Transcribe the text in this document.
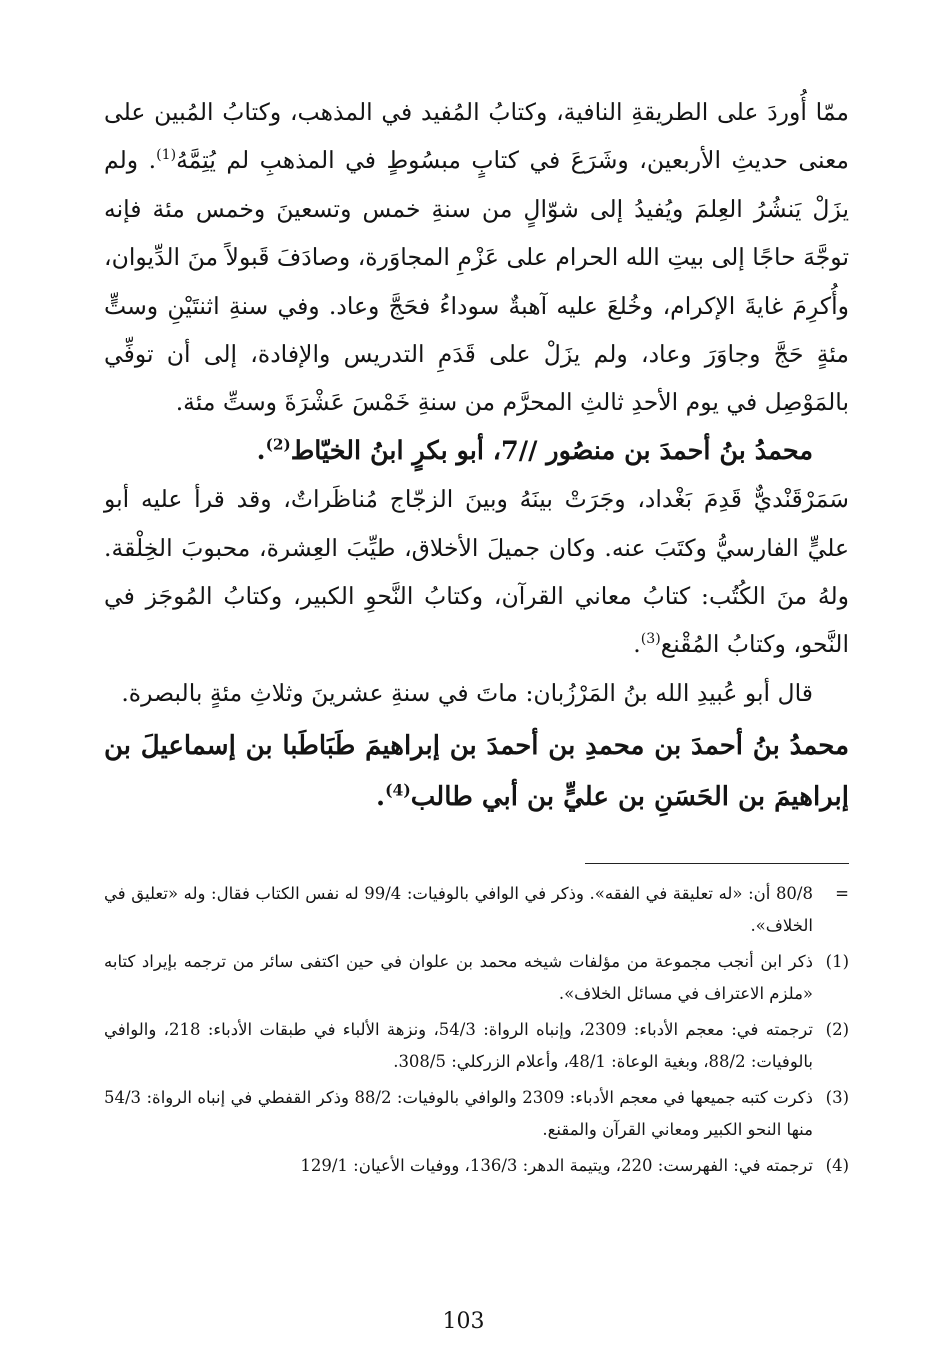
ممّا أُوردَ على الطريقةِ النافية، وكتابُ المُفيد في المذهب، وكتابُ المُبين على معنى حديثِ الأربعين، وشَرَعَ في كتابٍ مبسُوطٍ في المذهبِ لم يُتِمَّهُ$^{(1)}$. ولم يزَلْ يَنشُرُ العِلمَ ويُفيدُ إلى شوّالٍ من سنةِ خمس وتسعينَ وخمس مئة فإنه توجَّهَ حاجًا إلى بيتِ الله الحرام على عَزْمِ المجاوَرة، وصادَفَ قَبولاً منَ الدِّيوان، وأُكرِمَ غايةَ الإكرام، وخُلعَ عليه آهبةٌ سوداءُ فحَجَّ وعاد. وفي سنةِ اثنتَيْنِ وستٍّ مئةٍ حَجَّ وجاوَرَ وعاد، ولم يزَلْ على قَدَمِ التدريس والإفادة، إلى أن توفِّي بالمَوْصِل في يوم الأحدِ ثالثِ المحرَّم من سنةِ خَمْسَ عَشْرَةَ وستِّ مئة.

محمدُ بنُ أحمدَ بن منصُور //7، أبو بكرٍ ابنُ الخيّاط$^{(2)}$.

سَمَرْقَنْديٌّ قَدِمَ بَغْداد، وجَرَتْ بينَهُ وبينَ الزجّاج مُناظَراتٌ، وقد قرأ عليه أبو عليٍّ الفارسيُّ وكتَبَ عنه. وكان جميلَ الأخلاق، طيِّبَ العِشرة، محبوبَ الخِلْقة. ولهُ منَ الكُتُب: كتابُ معاني القرآن، وكتابُ النَّحوِ الكبير، وكتابُ المُوجَز في النَّحو، وكتابُ المُقْنع$^{(3)}$.

قال أبو عُبيدِ الله بنُ المَرْزُبان: ماتَ في سنةِ عشرينَ وثلاثِ مئةٍ بالبصرة.

محمدُ بنُ أحمدَ بن محمدِ بن أحمدَ بن إبراهيمَ طَبَاطَبا بن إسماعيلَ بن إبراهيمَ بن الحَسَنِ بن عليٍّ بن أبي طالب$^{(4)}$.

=
80/8 أن: «له تعليقة في الفقه». وذكر في الوافي بالوفيات: 99/4 له نفس الكتاب فقال: وله «تعليق في الخلاف».
(1)
ذكر ابن أنجب مجموعة من مؤلفات شيخه محمد بن علوان في حين اكتفى سائر من ترجمه بإيراد كتابه «ملزم الاعتراف في مسائل الخلاف».
(2)
ترجمته في: معجم الأدباء: 2309، وإنباه الرواة: 54/3، ونزهة الألباء في طبقات الأدباء: 218، والوافي بالوفيات: 88/2، وبغية الوعاة: 48/1، وأعلام الزركلي: 308/5.
(3)
ذكرت كتبه جميعها في معجم الأدباء: 2309 والوافي بالوفيات: 88/2 وذكر القفطي في إنباه الرواة: 54/3 منها النحو الكبير ومعاني القرآن والمقنع.
(4)
ترجمته في: الفهرست: 220، ويتيمة الدهر: 136/3، ووفيات الأعيان: 129/1
103
